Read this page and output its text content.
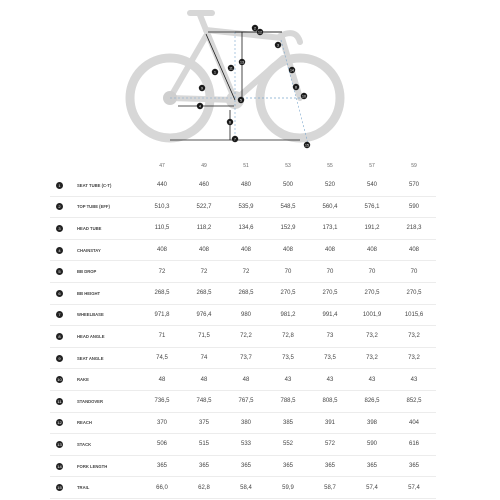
1
2
3
4
5
6
7
8
9
10
11
12
13
14
15
47	49	51	53	55	57	59
1	SEAT TUBE (C-T)	440	460	480	500	520	540	570
2	TOP TUBE (EFF)	510,3	522,7	535,9	548,5	560,4	576,1	590
3	HEAD TUBE	110,5	118,2	134,6	152,9	173,1	191,2	218,3
4	CHAINSTAY	408	408	408	408	408	408	408
5	BB DROP	72	72	72	70	70	70	70
6	BB HEIGHT	268,5	268,5	268,5	270,5	270,5	270,5	270,5
7	WHEELBASE	971,8	976,4	980	981,2	991,4	1001,9	1015,6
8	HEAD ANGLE	71	71,5	72,2	72,8	73	73,2	73,2
9	SEAT ANGLE	74,5	74	73,7	73,5	73,5	73,2	73,2
10	RAKE	48	48	48	43	43	43	43
11	STANDOVER	736,5	748,5	767,5	788,5	808,5	826,5	852,5
12	REACH	370	375	380	385	391	398	404
13	STACK	506	515	533	552	572	590	616
14	FORK LENGTH	365	365	365	365	365	365	365
15	TRAIL	66,0	62,8	58,4	59,9	58,7	57,4	57,4
